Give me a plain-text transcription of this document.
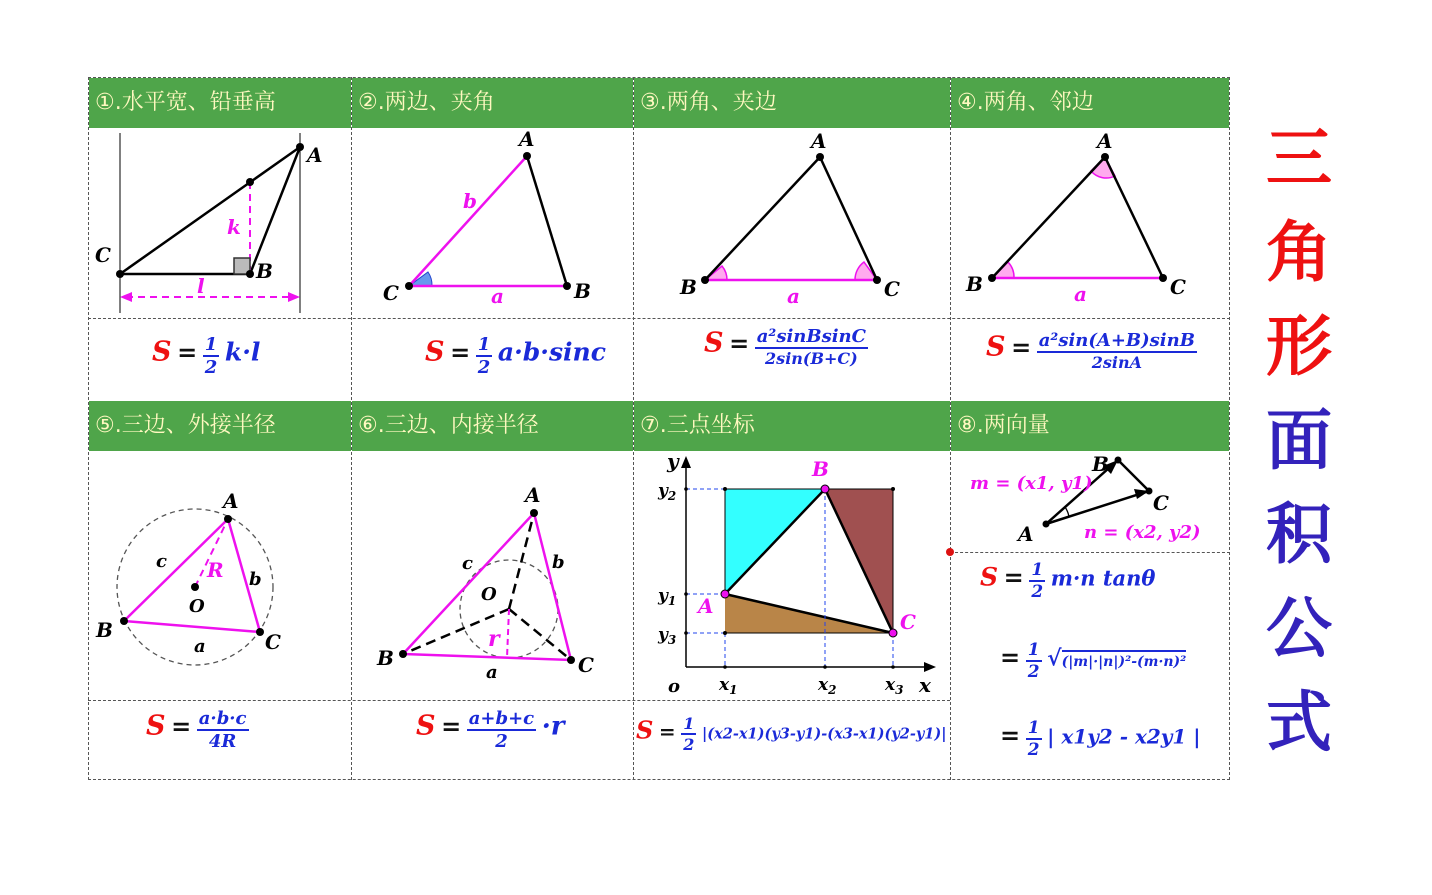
①.水平宽、铅垂高	②.两边、夹角	③.两角、夹边	④.两角、邻边
⑤.三边、外接半径	⑥.三边、内接半径	⑦.三点坐标	⑧.两向量
A
C
B
k
l
A
C	B
b
a
A
B	C
a
A
B	C
a
A
B	C
O
R
c
b
a
A
B	C
O
r
c	b
a
B
A
C
y
x
o
$y_2$
$y_1$
$y_3$
$x_1$	$x_2$	$x_3$
B
C
A
m = (x1, y1)
n = (x2, y2)
$S = \frac{1}{2} k\cdot l$	$S = \frac{1}{2} a\cdot b\cdot\sin c$	$S = \frac{\text{a²sinBsinC}}{2\sin(B+C)}$	$S = \frac{\text{a²sin(A+B)sinB}}{2\sin A}$
$S = \frac{a\cdot b\cdot c}{4R}$	$S = \frac{a+b+c}{2} \cdot r$	$S = \frac{1}{2} |(x2-x1)(y3-y1)-(x3-x1)(y2-y1)|$
$S = \frac{1}{2} m\cdot n$ tanθ
= $\frac{1}{2} √(|m|\cdot|n|)^2-(m\cdot n)^2$
= $\frac{1}{2}$ | x1y2 - x2y1 |
三
角
形
面
积
公
式
